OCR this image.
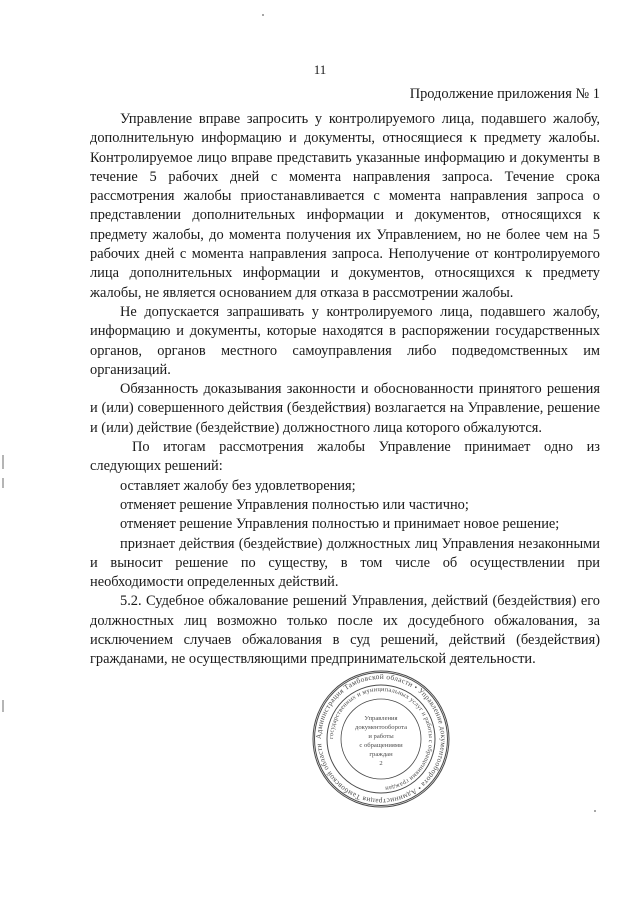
11
Продолжение приложения № 1

Управление вправе запросить у контролируемого лица, подавшего жалобу, дополнительную информацию и документы, относящиеся к предмету жалобы. Контролируемое лицо вправе представить указанные информацию и документы в течение 5 рабочих дней с момента направления запроса. Течение срока рассмотрения жалобы приостанавливается с момента направления запроса о представлении дополнительных информации и документов, относящихся к предмету жалобы, до момента получения их Управлением, но не более чем на 5 рабочих дней с момента направления запроса. Неполучение от контролируемого лица дополнительных информации и документов, относящихся к предмету жалобы, не является основанием для отказа в рассмотрении жалобы.

Не допускается запрашивать у контролируемого лица, подавшего жалобу, информацию и документы, которые находятся в распоряжении государственных органов, органов местного самоуправления либо подведомственных им организаций.

Обязанность доказывания законности и обоснованности принятого решения и (или) совершенного действия (бездействия) возлагается на Управление, решение и (или) действие (бездействие) должностного лица которого обжалуются.

По итогам рассмотрения жалобы Управление принимает одно из следующих решений:

оставляет жалобу без удовлетворения;

отменяет решение Управления полностью или частично;

отменяет решение Управления полностью и принимает новое решение;

признает действия (бездействие) должностных лиц Управления незаконными и выносит решение по существу, в том числе об осуществлении при необходимости определенных действий.

5.2. Судебное обжалование решений Управления, действий (бездействия) его должностных лиц возможно только после их досудебного обжалования, за исключением случаев обжалования в суд решений, действий (бездействия) гражданами, не осуществляющими предпринимательской деятельности.

Администрация Тамбовской области • Управление документооборота • Администрация Тамбовской области
государственных и муниципальных услуг и работы с обращениями граждан
Управления
документооборота
и работы
с обращениями
граждан
2
